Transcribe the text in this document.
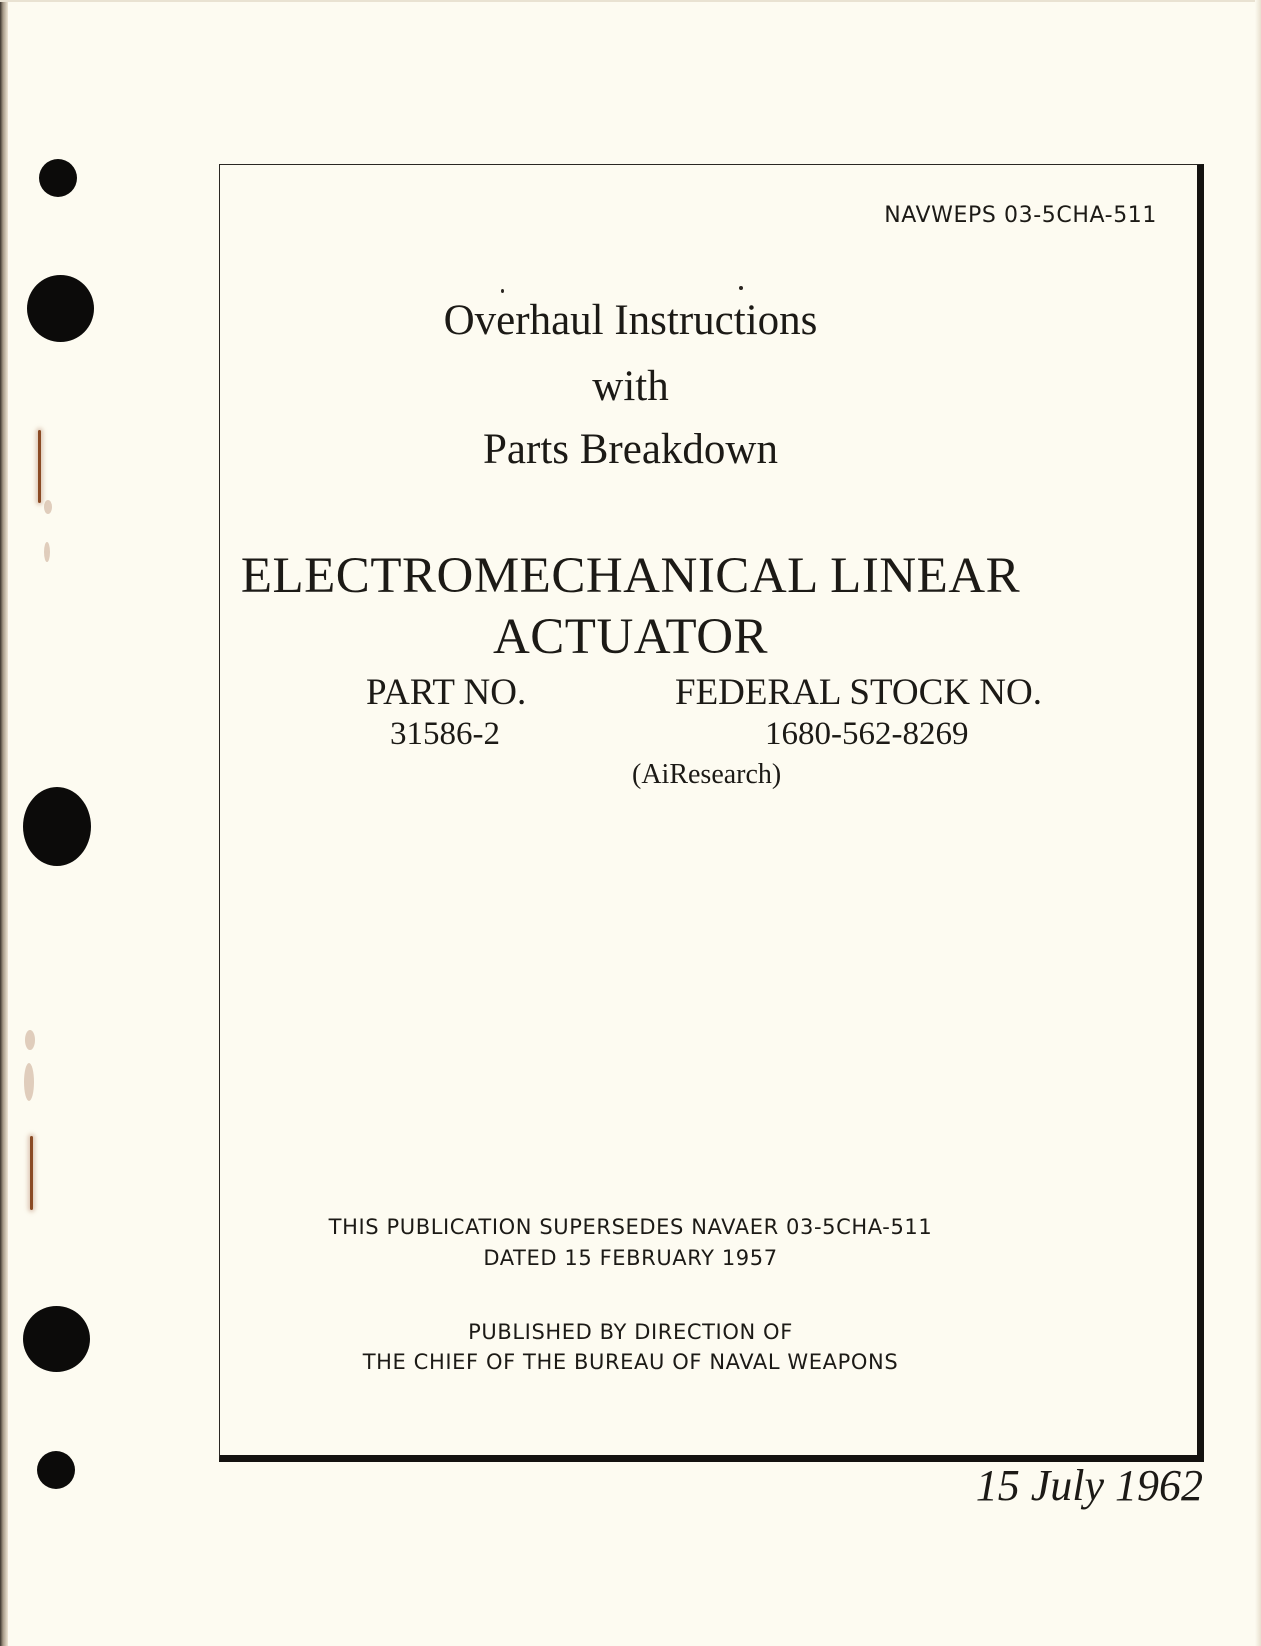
NAVWEPS 03-5CHA-511
Overhaul Instructions
with
Parts Breakdown
ELECTROMECHANICAL LINEAR
ACTUATOR
PART NO.	FEDERAL STOCK NO.
31586-2	1680-562-8269
(AiResearch)
THIS PUBLICATION SUPERSEDES NAVAER 03-5CHA-511
DATED 15 FEBRUARY 1957
PUBLISHED BY DIRECTION OF
THE CHIEF OF THE BUREAU OF NAVAL WEAPONS
15 July 1962
